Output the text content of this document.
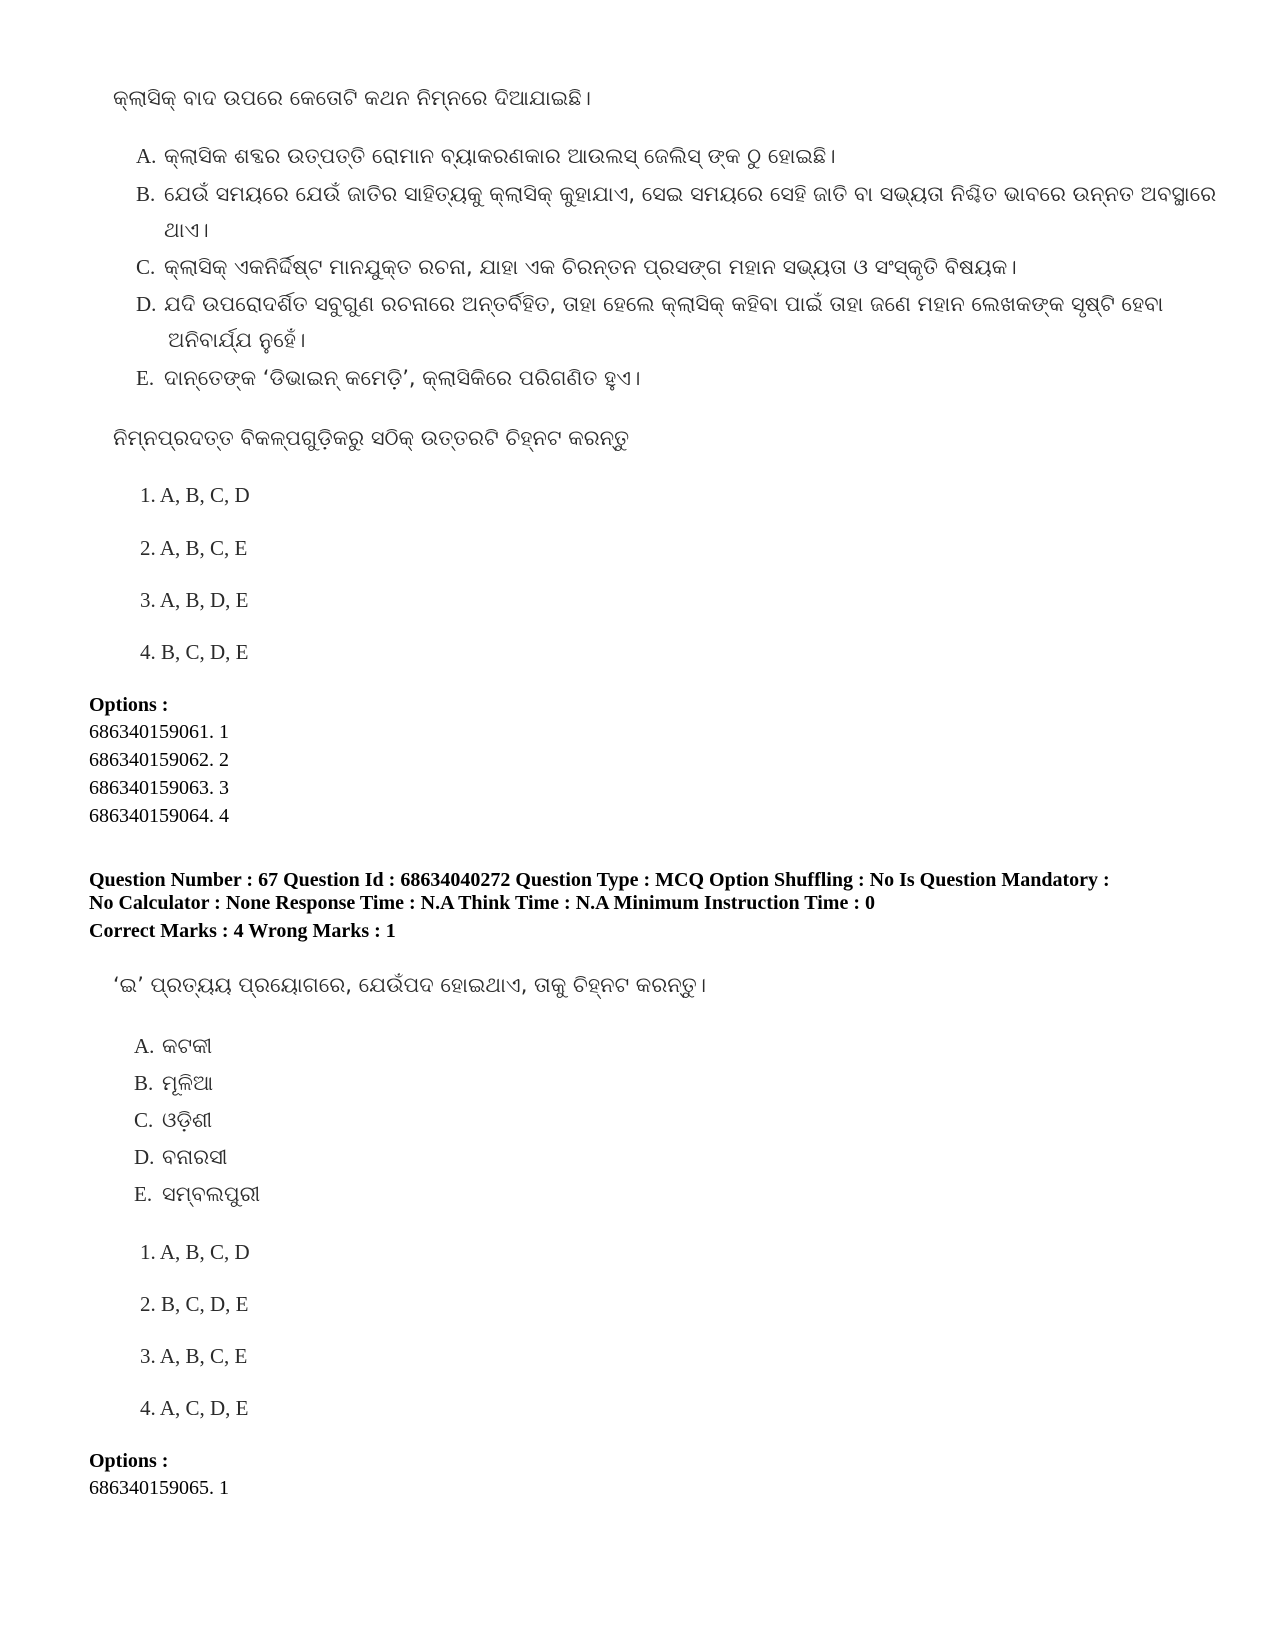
କ୍ଲାସିକ୍ ବାଦ ଉପରେ କେତୋଟି କଥନ ନିମ୍ନରେ ଦିଆଯାଇଛି।
A. କ୍ଲାସିକ ଶବ୍ଦର ଉତ୍ପତ୍ତି ରୋମାନ ବ୍ୟାକରଣକାର ଆଉଲସ୍ ଜେଲିସ୍ ଙ୍କ ଠୁ ହୋଇଛି।
B. ଯେଉଁ ସମୟରେ ଯେଉଁ ଜାତିର ସାହିତ୍ୟକୁ କ୍ଲାସିକ୍ କୁହାଯାଏ, ସେଇ ସମୟରେ ସେହି ଜାତି ବା ସଭ୍ୟତା ନିଶ୍ଚିତ ଭାବରେ ଉନ୍ନତ ଅବସ୍ଥାରେ
ଥାଏ।
C. କ୍ଲାସିକ୍ ଏକନିର୍ଦ୍ଦିଷ୍ଟ ମାନଯୁକ୍ତ ରଚନା, ଯାହା ଏକ ଚିରନ୍ତନ ପ୍ରସଙ୍ଗ ମହାନ ସଭ୍ୟତା ଓ ସଂସ୍କୃତି ବିଷୟକ।
D. ଯଦି ଉପରୋଦର୍ଶିତ ସବୁଗୁଣ ରଚନାରେ ଅନ୍ତର୍ବିହିତ, ତାହା ହେଲେ କ୍ଲାସିକ୍ କହିବା ପାଇଁ ତାହା ଜଣେ ମହାନ ଲେଖକଙ୍କ ସୃଷ୍ଟି ହେବା
ଅନିବାର୍ଯ୍ଯ ନୁହେଁ।
E. ଦାନ୍ତେଙ୍କ ‘ଡିଭାଇନ୍ କମେଡ଼ି’, କ୍ଲାସିକିରେ ପରିଗଣିତ ହୁଏ।
ନିମ୍ନପ୍ରଦତ୍ତ ବିକଳ୍ପଗୁଡ଼ିକରୁ ସଠିକ୍ ଉତ୍ତରଟି ଚିହ୍ନଟ କରନ୍ତୁ
1. A, B, C, D
2. A, B, C, E
3. A, B, D, E
4. B, C, D, E
Options :
686340159061. 1
686340159062. 2
686340159063. 3
686340159064. 4
Question Number : 67 Question Id : 68634040272 Question Type : MCQ Option Shuffling : No Is Question Mandatory :
No Calculator : None Response Time : N.A Think Time : N.A Minimum Instruction Time : 0
Correct Marks : 4 Wrong Marks : 1
‘ଇ’ ପ୍ରତ୍ୟୟ ପ୍ରୟୋଗରେ, ଯେଉଁପଦ ହୋଇଥାଏ, ତାକୁ ଚିହ୍ନଟ କରନ୍ତୁ।
A. କଟକୀ
B. ମୂଳିଆ
C. ଓଡ଼ିଶୀ
D. ବନାରସୀ
E. ସମ୍ବଲପୁରୀ
1. A, B, C, D
2. B, C, D, E
3. A, B, C, E
4. A, C, D, E
Options :
686340159065. 1
